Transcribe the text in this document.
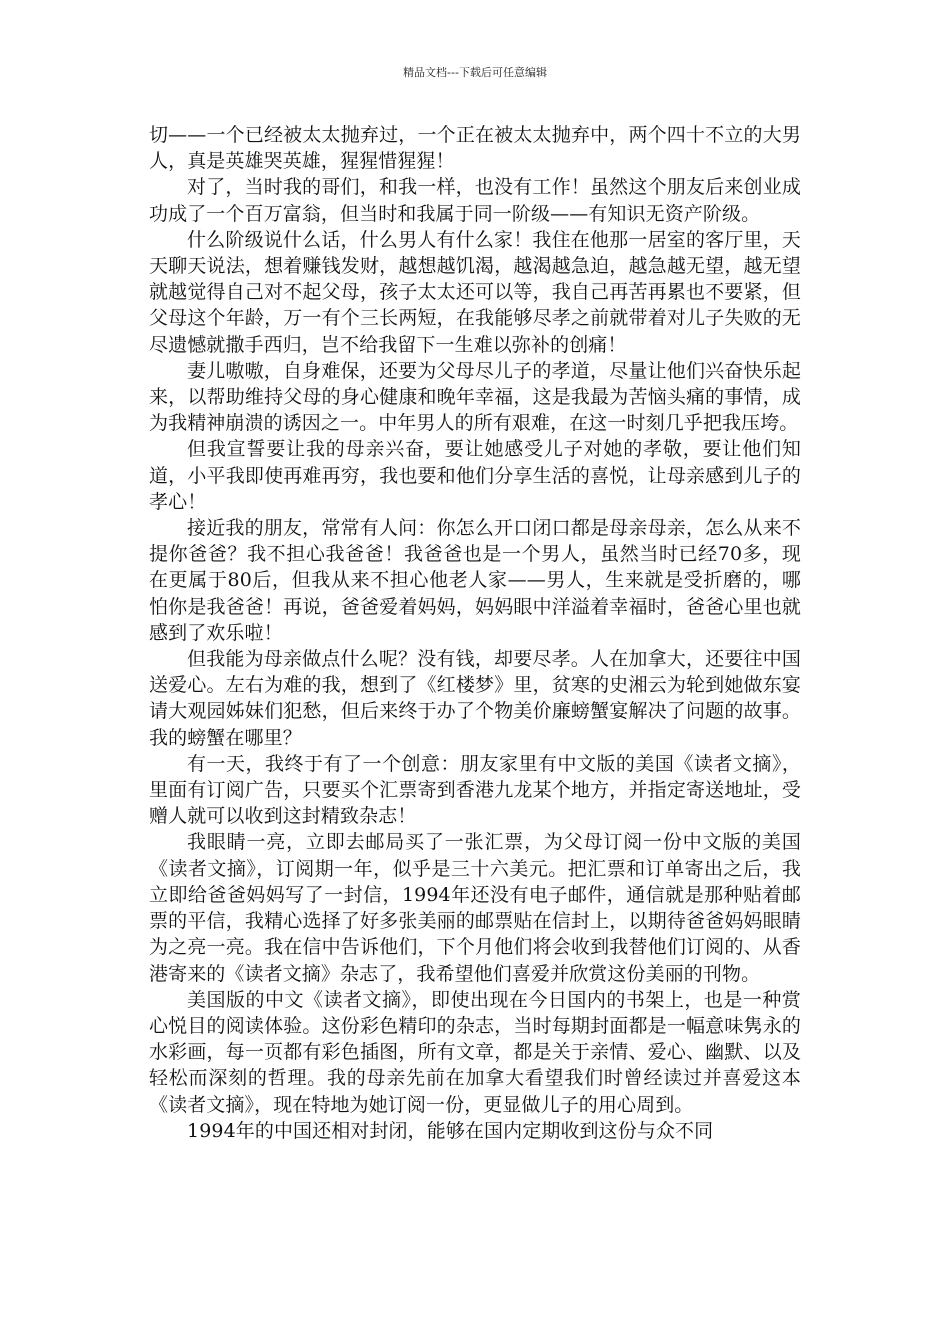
精品文档---下载后可任意编辑

切——一个已经被太太抛弃过，一个正在被太太抛弃中，两个四十不立的大男人，真是英雄哭英雄，猩猩惜猩猩！

对了，当时我的哥们，和我一样，也没有工作！虽然这个朋友后来创业成功成了一个百万富翁，但当时和我属于同一阶级——有知识无资产阶级。

什么阶级说什么话，什么男人有什么家！我住在他那一居室的客厅里，天天聊天说法，想着赚钱发财，越想越饥渴，越渴越急迫，越急越无望，越无望就越觉得自己对不起父母，孩子太太还可以等，我自己再苦再累也不要紧，但父母这个年龄，万一有个三长两短，在我能够尽孝之前就带着对儿子失败的无尽遗憾就撒手西归，岂不给我留下一生难以弥补的创痛！

妻儿嗷嗷，自身难保，还要为父母尽儿子的孝道，尽量让他们兴奋快乐起来，以帮助维持父母的身心健康和晚年幸福，这是我最为苦恼头痛的事情，成为我精神崩溃的诱因之一。中年男人的所有艰难，在这一时刻几乎把我压垮。

但我宣誓要让我的母亲兴奋，要让她感受儿子对她的孝敬，要让他们知道，小平我即使再难再穷，我也要和他们分享生活的喜悦，让母亲感到儿子的孝心！

接近我的朋友，常常有人问：你怎么开口闭口都是母亲母亲，怎么从来不提你爸爸？我不担心我爸爸！我爸爸也是一个男人，虽然当时已经70多，现在更属于80后，但我从来不担心他老人家——男人，生来就是受折磨的，哪怕你是我爸爸！再说，爸爸爱着妈妈，妈妈眼中洋溢着幸福时，爸爸心里也就感到了欢乐啦！

但我能为母亲做点什么呢？没有钱，却要尽孝。人在加拿大，还要往中国送爱心。左右为难的我，想到了《红楼梦》里，贫寒的史湘云为轮到她做东宴请大观园姊妹们犯愁，但后来终于办了个物美价廉螃蟹宴解决了问题的故事。我的螃蟹在哪里？

有一天，我终于有了一个创意：朋友家里有中文版的美国《读者文摘》，里面有订阅广告，只要买个汇票寄到香港九龙某个地方，并指定寄送地址，受赠人就可以收到这封精致杂志！

我眼睛一亮，立即去邮局买了一张汇票，为父母订阅一份中文版的美国《读者文摘》，订阅期一年，似乎是三十六美元。把汇票和订单寄出之后，我立即给爸爸妈妈写了一封信，1994年还没有电子邮件，通信就是那种贴着邮票的平信，我精心选择了好多张美丽的邮票贴在信封上，以期待爸爸妈妈眼睛为之亮一亮。我在信中告诉他们，下个月他们将会收到我替他们订阅的、从香港寄来的《读者文摘》杂志了，我希望他们喜爱并欣赏这份美丽的刊物。

美国版的中文《读者文摘》，即使出现在今日国内的书架上，也是一种赏心悦目的阅读体验。这份彩色精印的杂志，当时每期封面都是一幅意味隽永的水彩画，每一页都有彩色插图，所有文章，都是关于亲情、爱心、幽默、以及轻松而深刻的哲理。我的母亲先前在加拿大看望我们时曾经读过并喜爱这本《读者文摘》，现在特地为她订阅一份，更显做儿子的用心周到。

1994年的中国还相对封闭，能够在国内定期收到这份与众不同
